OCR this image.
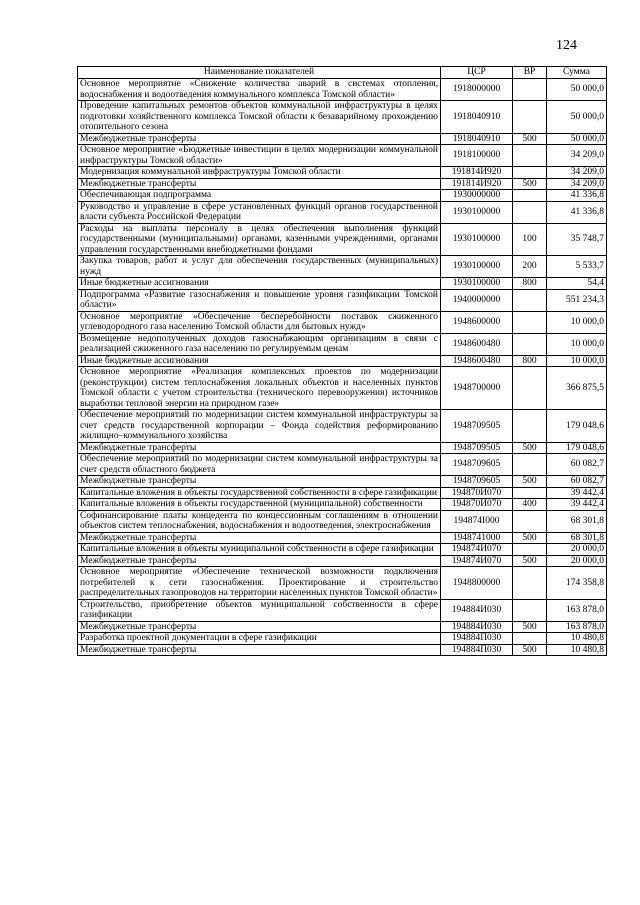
124
Наименование показателей	ЦСР	ВР	Сумма
Основное мероприятие «Снижение количества аварий в системах отопления, водоснабжения и водоотведения коммунального комплекса Томской области»	1918000000		50 000,0
Проведение капитальных ремонтов объектов коммунальной инфраструктуры в целях подготовки хозяйственного комплекса Томской области к безаварийному прохождению отопительного сезона	1918040910		50 000,0
Межбюджетные трансферты	1918040910	500	50 000,0
Основное мероприятие «Бюджетные инвестиции в целях модернизации коммунальной инфраструктуры Томской области»	1918100000		34 209,0
Модернизация коммунальной инфраструктуры Томской области	191814И920		34 209,0
Межбюджетные трансферты	191814И920	500	34 209,0
Обеспечивающая подпрограмма	1930000000		41 336,8
Руководство и управление в сфере установленных функций органов государственной власти субъекта Российской Федерации	1930100000		41 336,8
Расходы на выплаты персоналу в целях обеспечения выполнения функций государственными (муниципальными) органами, казенными учреждениями, органами управления государственными внебюджетными фондами	1930100000	100	35 748,7
Закупка товаров, работ и услуг для обеспечения государственных (муниципальных) нужд	1930100000	200	5 533,7
Иные бюджетные ассигнования	1930100000	800	54,4
Подпрограмма «Развитие газоснабжения и повышение уровня газификации Томской области»	1940000000		551 234,3
Основное мероприятие «Обеспечение бесперебойности поставок сжиженного углеводородного газа населению Томской области для бытовых нужд»	1948600000		10 000,0
Возмещение недополученных доходов газоснабжающим организациям в связи с реализацией сжиженного газа населению по регулируемым ценам	1948600480		10 000,0
Иные бюджетные ассигнования	1948600480	800	10 000,0
Основное мероприятие «Реализация комплексных проектов по модернизации (реконструкции) систем теплоснабжения локальных объектов и населенных пунктов Томской области с учетом строительства (технического перевооружения) источников выработки тепловой энергии на природном газе»	1948700000		366 875,5
Обеспечение мероприятий по модернизации систем коммунальной инфраструктуры за счет средств государственной корпорации – Фонда содействия реформированию жилищно–коммунального хозяйства	1948709505		179 048,6
Межбюджетные трансферты	1948709505	500	179 048,6
Обеспечение мероприятий по модернизации систем коммунальной инфраструктуры за счет средств областного бюджета	1948709605		60 082,7
Межбюджетные трансферты	1948709605	500	60 082,7
Капитальные вложения в объекты государственной собственности в сфере газификации	194870И070		39 442,4
Капитальные вложения в объекты государственной (муниципальной) собственности	194870И070	400	39 442,4
Софинансирование платы концедента по концессионным соглашениям в отношении объектов систем теплоснабжения, водоснабжения и водоотведения, электроснабжения	194874I000		68 301,8
Межбюджетные трансферты	1948741000	500	68 301,8
Капитальные вложения в объекты муниципальной собственности в сфере газификации	194874И070		20 000,0
Межбюджетные трансферты	194874И070	500	20 000,0
Основное мероприятие «Обеспечение технической возможности подключения потребителей к сети газоснабжения. Проектирование и строительство распределительных газопроводов на территории населенных пунктов Томской области»	1948800000		174 358,8
Строительство, приобретение объектов муниципальной собственности в сфере газификации	194884И030		163 878,0
Межбюджетные трансферты	194884И030	500	163 878,0
Разработка проектной документации в сфере газификации	194884П030		10 480,8
Межбюджетные трансферты	194884П030	500	10 480,8
